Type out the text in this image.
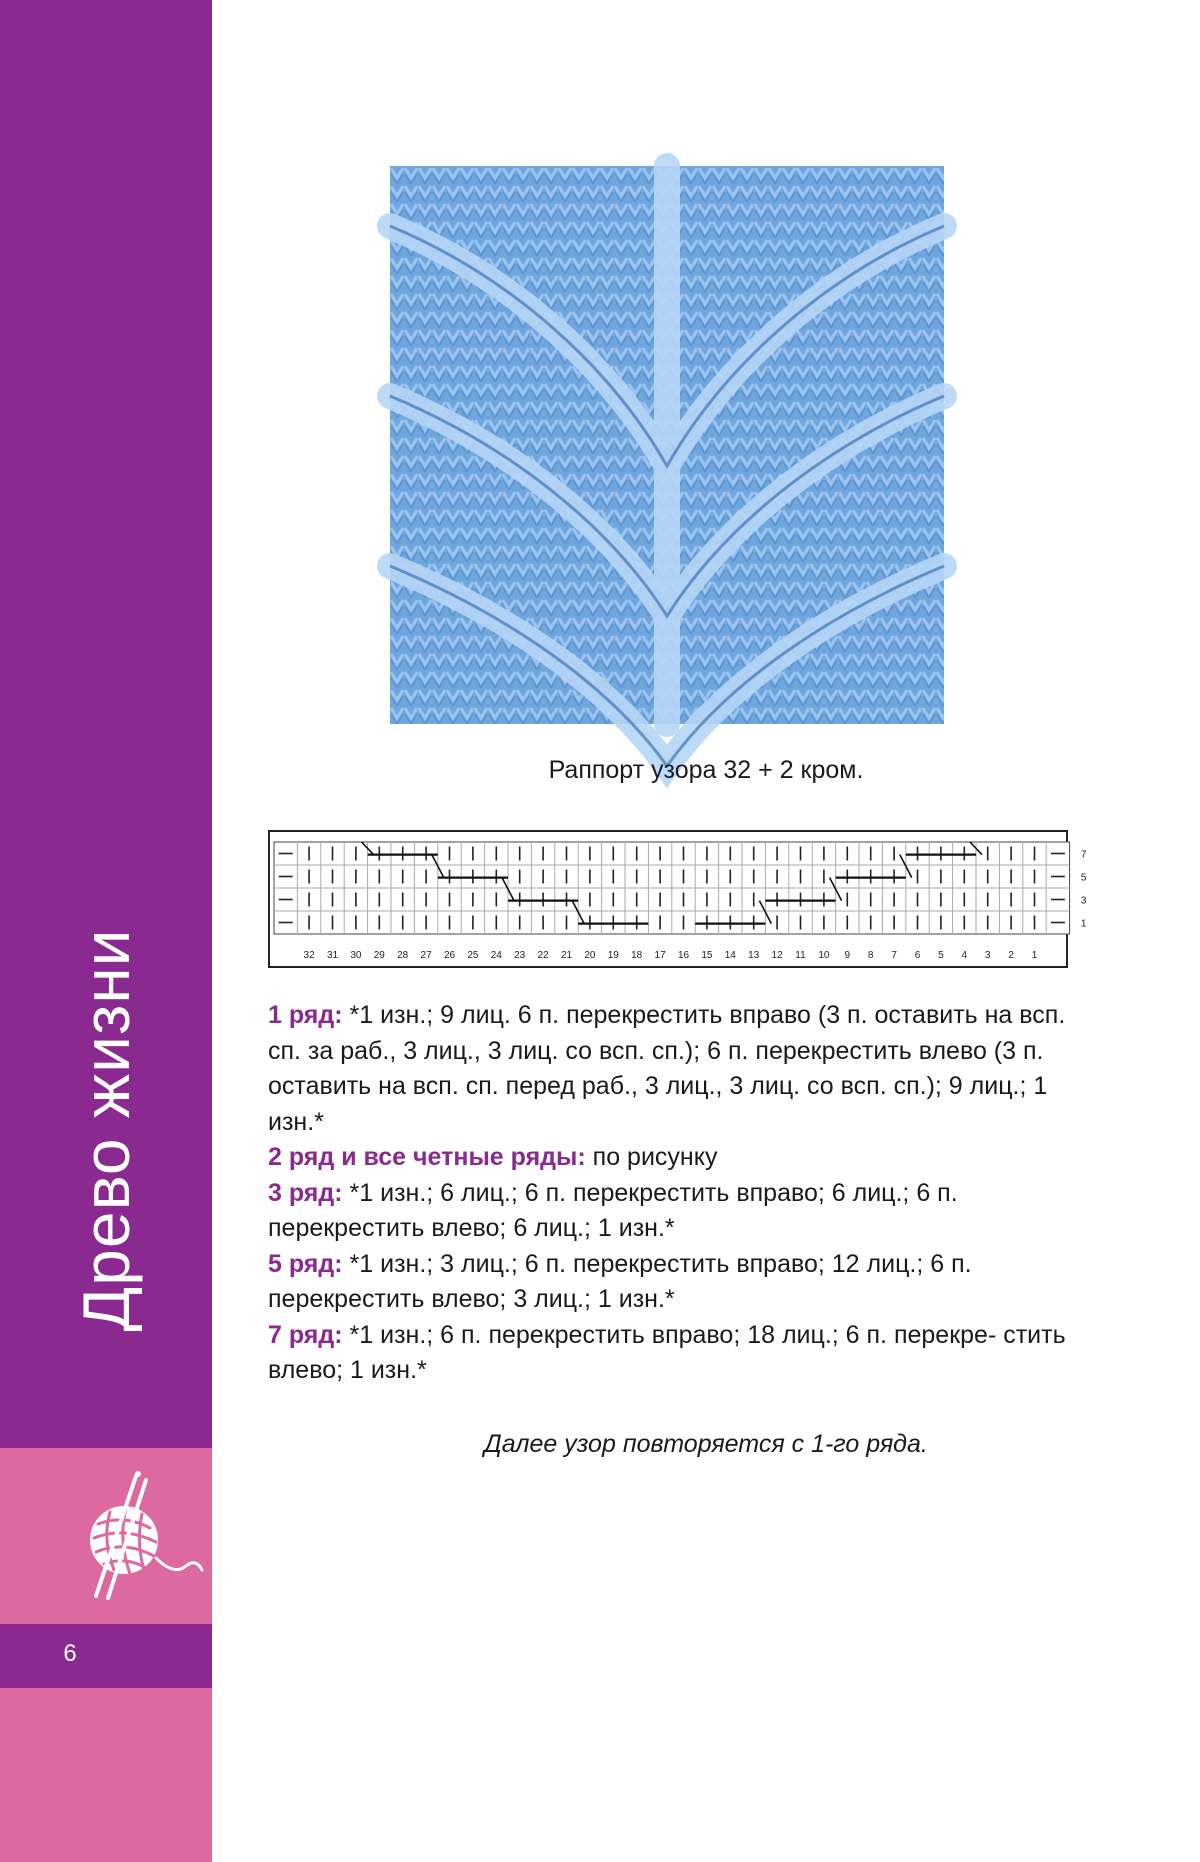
Древо жизни
6
Раппорт узора 32 + 2 кром.
32 31 30 29 28 27 26 25 24 23 22 21 20 19 18 17 16 15 14 13 12 11 10 9 8 7 6 5 4 3 2 1
7
5
3
1

1 ряд: *1 изн.; 9 лиц. 6 п. перекрестить вправо (3 п. оставить на всп. сп. за раб., 3 лиц., 3 лиц. со всп. сп.); 6 п. перекрестить влево (3 п. оставить на всп. сп. перед раб., 3 лиц., 3 лиц. со всп. сп.); 9 лиц.; 1 изн.*

2 ряд и все четные ряды: по рисунку

3 ряд: *1 изн.; 6 лиц.; 6 п. перекрестить вправо; 6 лиц.; 6 п. перекрестить влево; 6 лиц.; 1 изн.*

5 ряд: *1 изн.; 3 лиц.; 6 п. перекрестить вправо; 12 лиц.; 6 п. перекрестить влево; 3 лиц.; 1 изн.*

7 ряд: *1 изн.; 6 п. перекрестить вправо; 18 лиц.; 6 п. перекре- стить влево; 1 изн.*

Далее узор повторяется с 1-го ряда.
